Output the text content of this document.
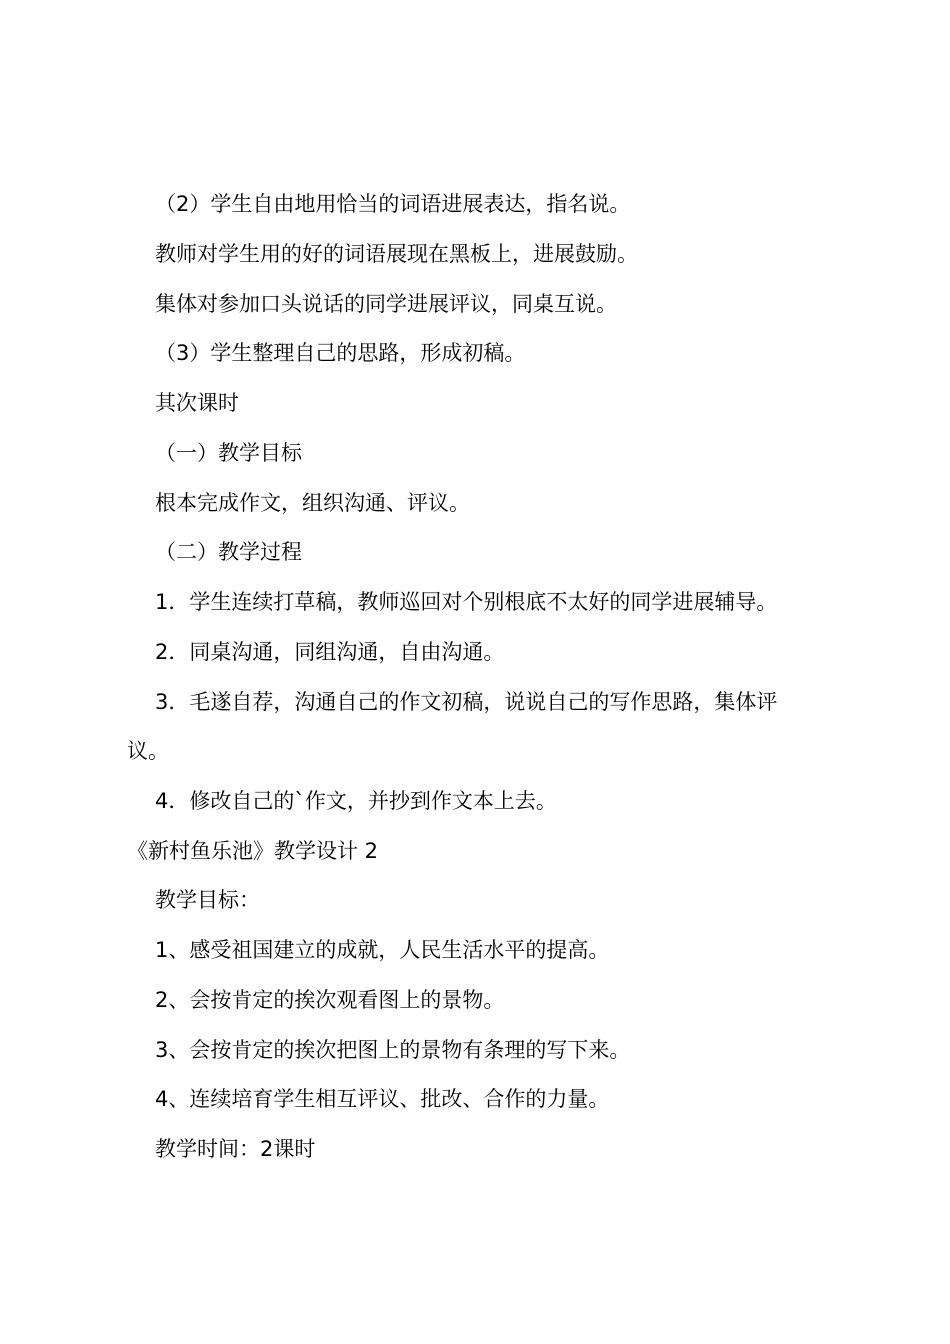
（2）学生自由地用恰当的词语进展表达，指名说。

教师对学生用的好的词语展现在黑板上，进展鼓励。

集体对参加口头说话的同学进展评议，同桌互说。

（3）学生整理自己的思路，形成初稿。

其次课时

（一）教学目标

根本完成作文，组织沟通、评议。

（二）教学过程

1．学生连续打草稿，教师巡回对个别根底不太好的同学进展辅导。

2．同桌沟通，同组沟通，自由沟通。

3．毛遂自荐，沟通自己的作文初稿，说说自己的写作思路，集体评

议。

4．修改自己的`作文，并抄到作文本上去。

《新村鱼乐池》教学设计 2

教学目标：

1、感受祖国建立的成就，人民生活水平的提高。

2、会按肯定的挨次观看图上的景物。

3、会按肯定的挨次把图上的景物有条理的写下来。

4、连续培育学生相互评议、批改、合作的力量。

教学时间：2课时
